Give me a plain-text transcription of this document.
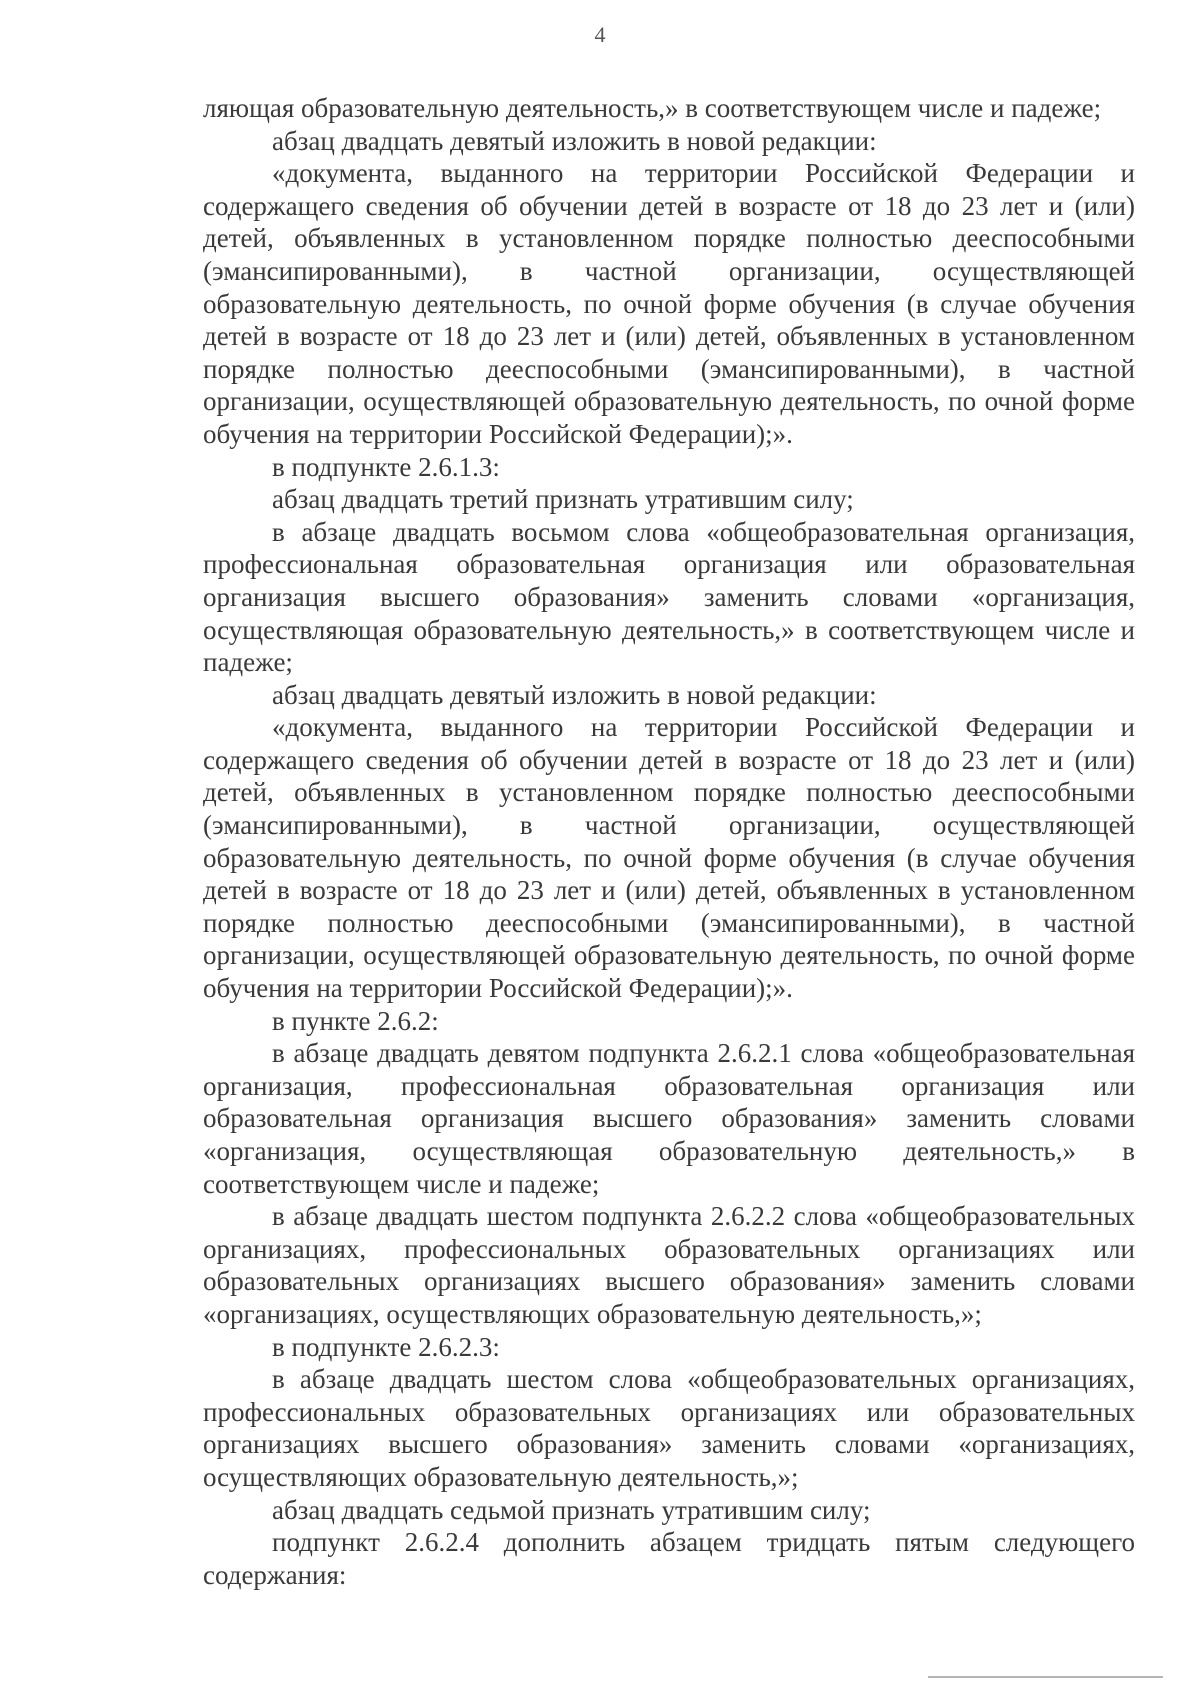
4

ляющая образовательную деятельность,» в соответствующем числе и падеже;

абзац двадцать девятый изложить в новой редакции:

«документа, выданного на территории Российской Федерации и содержащего сведения об обучении детей в возрасте от 18 до 23 лет и (или) детей, объявленных в установленном порядке полностью дееспособными (эмансипированными), в частной организации, осуществляющей образовательную деятельность, по очной форме обучения (в случае обучения детей в возрасте от 18 до 23 лет и (или) детей, объявленных в установленном порядке полностью дееспособными (эмансипированными), в частной организации, осуществляющей образовательную деятельность, по очной форме обучения на территории Российской Федерации);».

в подпункте 2.6.1.3:

абзац двадцать третий признать утратившим силу;

в абзаце двадцать восьмом слова «общеобразовательная организация, профессиональная образовательная организация или образовательная организация высшего образования» заменить словами «организация, осуществляющая образовательную деятельность,» в соответствующем числе и падеже;

абзац двадцать девятый изложить в новой редакции:

«документа, выданного на территории Российской Федерации и содержащего сведения об обучении детей в возрасте от 18 до 23 лет и (или) детей, объявленных в установленном порядке полностью дееспособными (эмансипированными), в частной организации, осуществляющей образовательную деятельность, по очной форме обучения (в случае обучения детей в возрасте от 18 до 23 лет и (или) детей, объявленных в установленном порядке полностью дееспособными (эмансипированными), в частной организации, осуществляющей образовательную деятельность, по очной форме обучения на территории Российской Федерации);».

в пункте 2.6.2:

в абзаце двадцать девятом подпункта 2.6.2.1 слова «общеобразовательная организация, профессиональная образовательная организация или образовательная организация высшего образования» заменить словами «организация, осуществляющая образовательную деятельность,» в соответствующем числе и падеже;

в абзаце двадцать шестом подпункта 2.6.2.2 слова «общеобразовательных организациях, профессиональных образовательных организациях или образовательных организациях высшего образования» заменить словами «организациях, осуществляющих образовательную деятельность,»;

в подпункте 2.6.2.3:

в абзаце двадцать шестом слова «общеобразовательных организациях, профессиональных образовательных организациях или образовательных организациях высшего образования» заменить словами «организациях, осуществляющих образовательную деятельность,»;

абзац двадцать седьмой признать утратившим силу;

подпункт 2.6.2.4 дополнить абзацем тридцать пятым следующего содержания:
